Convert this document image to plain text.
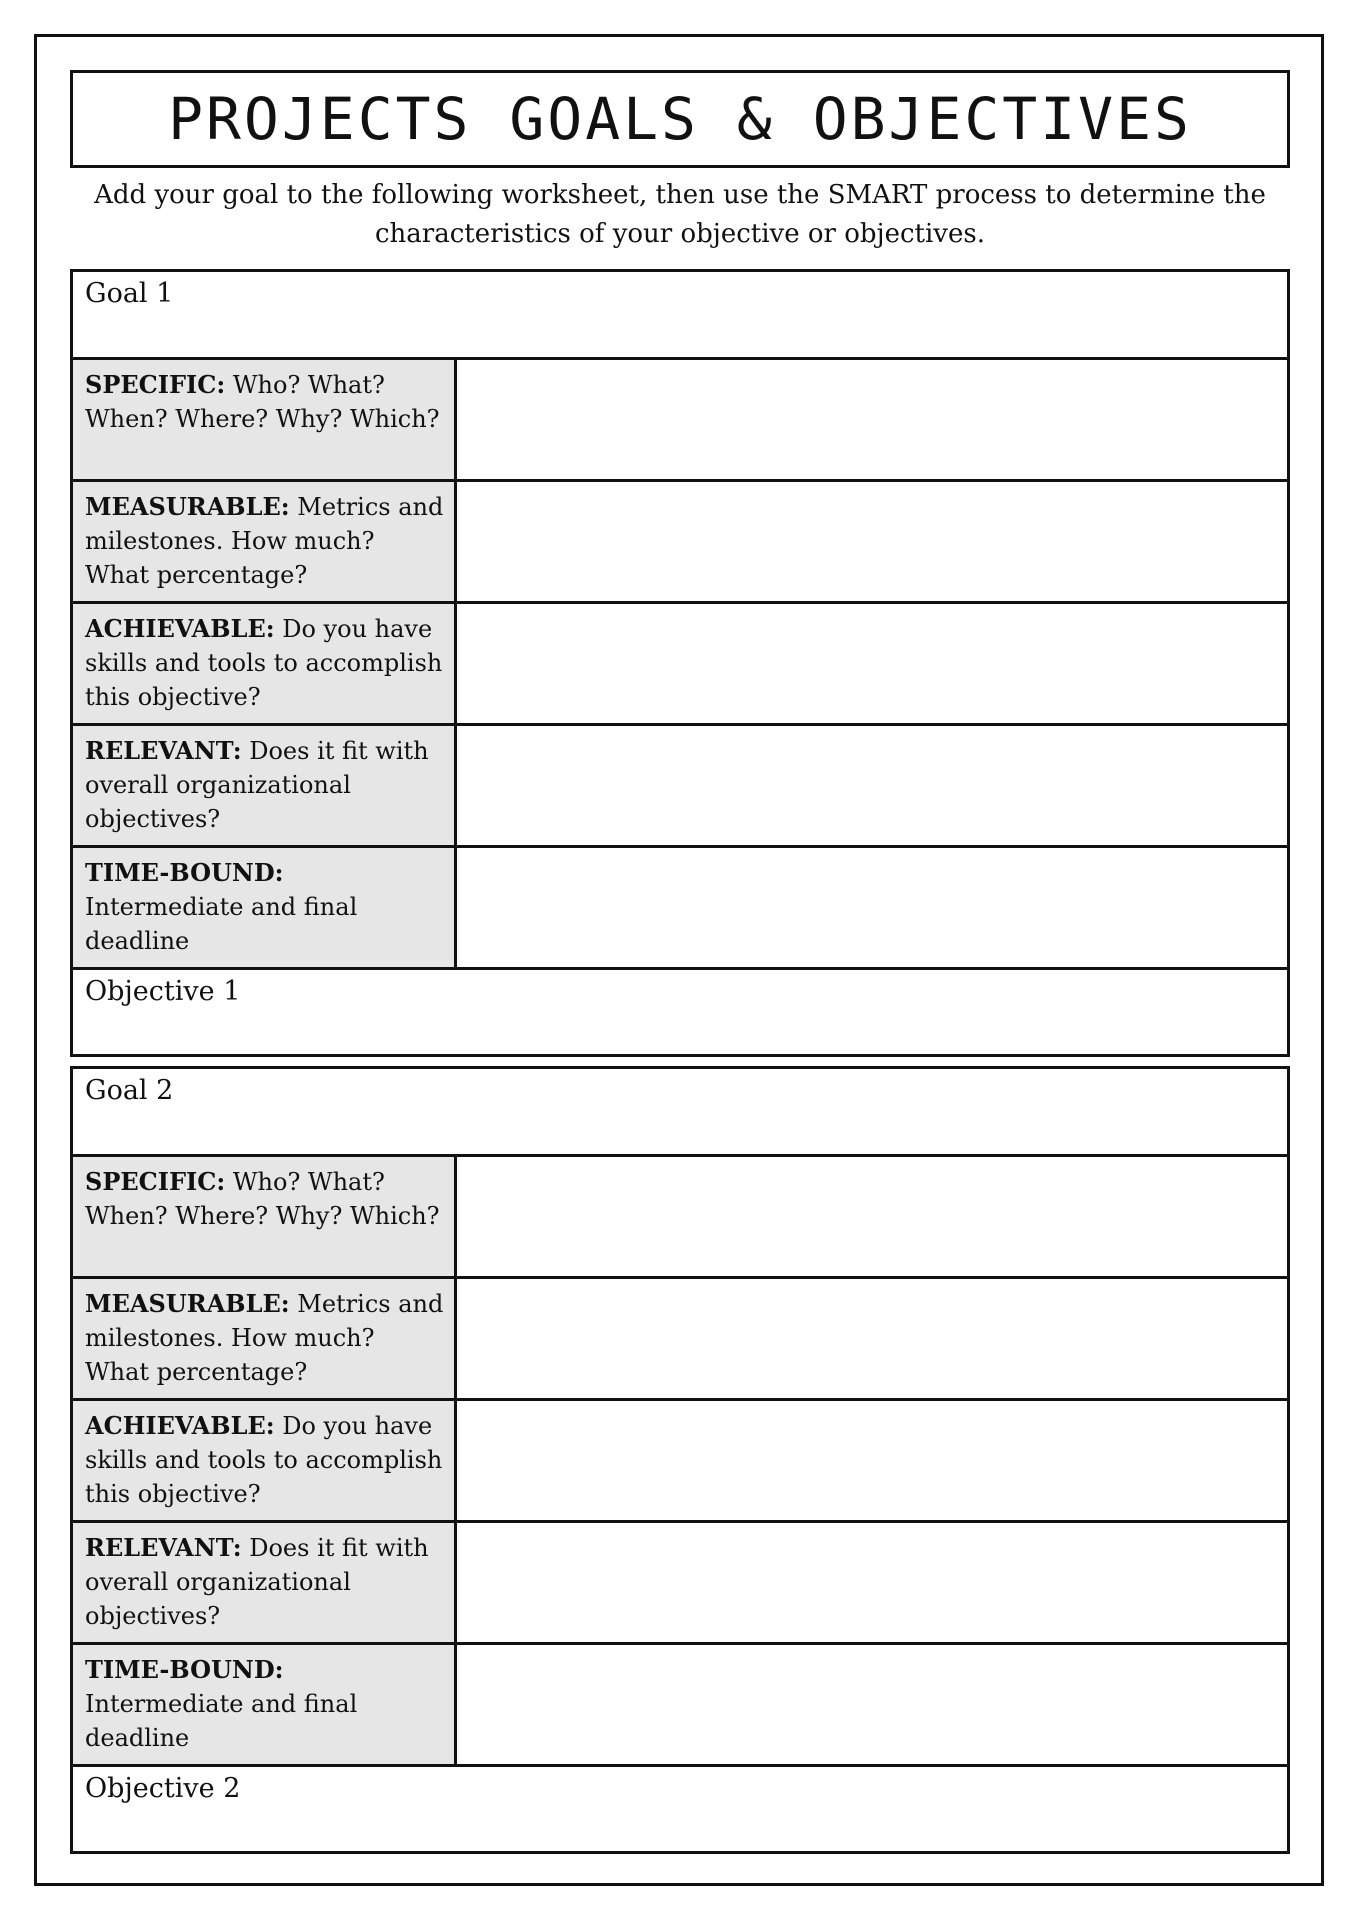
PROJECTS GOALS & OBJECTIVES
Add your goal to the following worksheet, then use the SMART process to determine the characteristics of your objective or objectives.
Goal 1
SPECIFIC: Who? What? When? Where? Why? Which?
MEASURABLE: Metrics and milestones. How much? What percentage?
ACHIEVABLE: Do you have skills and tools to accomplish this objective?
RELEVANT: Does it fit with overall organizational objectives?
TIME-BOUND: Intermediate and final deadline
Objective 1
Goal 2
SPECIFIC: Who? What? When? Where? Why? Which?
MEASURABLE: Metrics and milestones. How much? What percentage?
ACHIEVABLE: Do you have skills and tools to accomplish this objective?
RELEVANT: Does it fit with overall organizational objectives?
TIME-BOUND: Intermediate and final deadline
Objective 2
